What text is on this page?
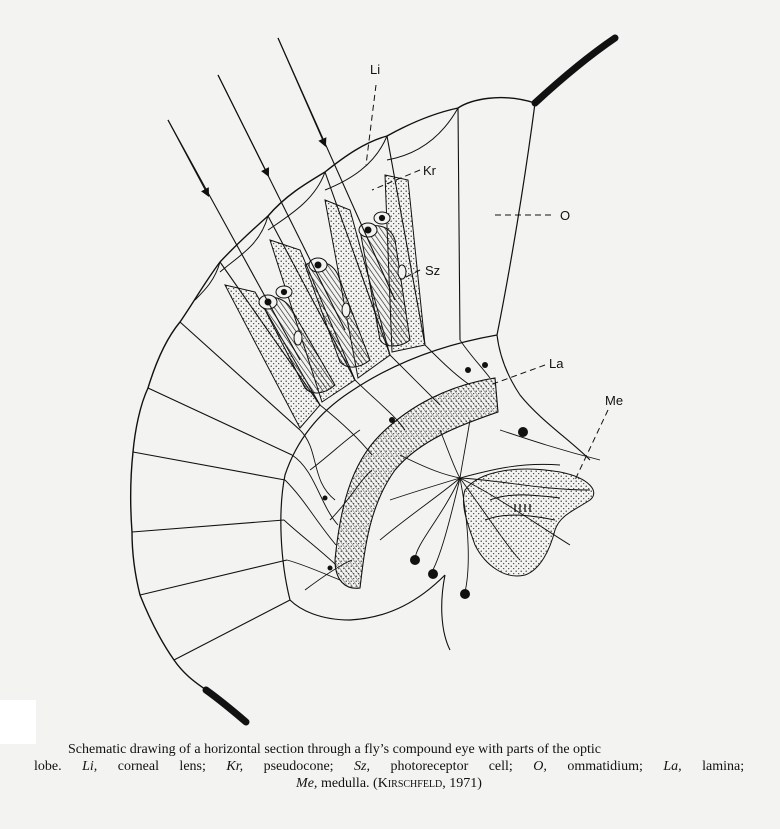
Li
Kr
O
Sz
La
Me
Schematic drawing of a horizontal section through a fly’s compound eye with parts of the optic
lobe. Li, corneal lens; Kr, pseudocone; Sz, photoreceptor cell; O, ommatidium; La, lamina;
Me, medulla. (Kirschfeld, 1971)
